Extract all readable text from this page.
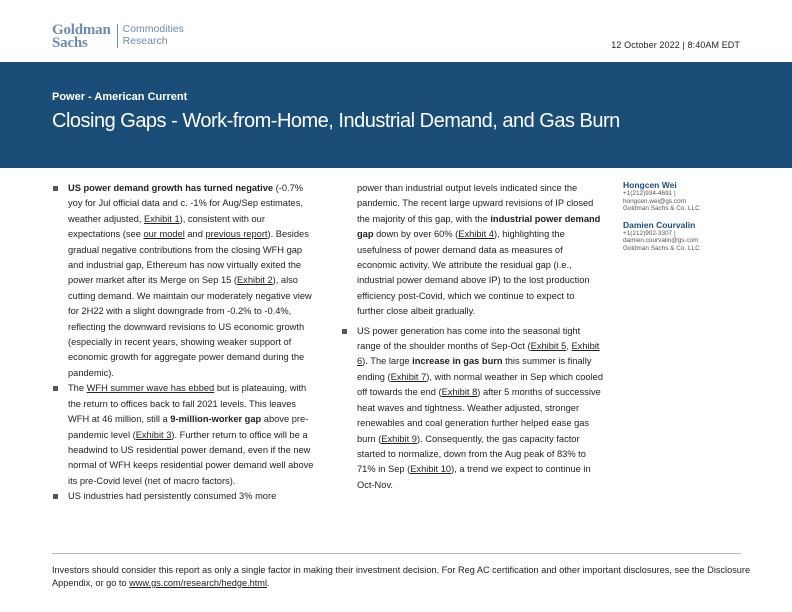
Goldman
Sachs
Commodities
Research	12 October 2022 | 8:40AM EDT
Power - American Current
Closing Gaps - Work-from-Home, Industrial Demand, and Gas Burn

US power demand growth has turned negative (-0.7% yoy for Jul official data and c. -1% for Aug/Sep estimates, weather adjusted, Exhibit 1), consistent with our expectations (see our model and previous report). Besides gradual negative contributions from the closing WFH gap and industrial gap, Ethereum has now virtually exited the power market after its Merge on Sep 15 (Exhibit 2), also cutting demand. We maintain our moderately negative view for 2H22 with a slight downgrade from -0.2% to -0.4%, reflecting the downward revisions to US economic growth (especially in recent years, showing weaker support of economic growth for aggregate power demand during the pandemic).

The WFH summer wave has ebbed but is plateauing, with the return to offices back to fall 2021 levels. This leaves WFH at 46 million, still a 9-million-worker gap above pre-pandemic level (Exhibit 3). Further return to office will be a headwind to US residential power demand, even if the new normal of WFH keeps residential power demand well above its pre-Covid level (net of macro factors).

US industries had persistently consumed 3% more

power than industrial output levels indicated since the pandemic. The recent large upward revisions of IP closed the majority of this gap, with the industrial power demand gap down by over 60% (Exhibit 4), highlighting the usefulness of power demand data as measures of economic activity. We attribute the residual gap (i.e., industrial power demand above IP) to the lost production efficiency post-Covid, which we continue to expect to further close albeit gradually.

US power generation has come into the seasonal tight range of the shoulder months of Sep-Oct (Exhibit 5, Exhibit 6). The large increase in gas burn this summer is finally ending (Exhibit 7), with normal weather in Sep which cooled off towards the end (Exhibit 8) after 5 months of successive heat waves and tightness. Weather adjusted, stronger renewables and coal generation further helped ease gas burn (Exhibit 9). Consequently, the gas capacity factor started to normalize, down from the Aug peak of 83% to 71% in Sep (Exhibit 10), a trend we expect to continue in Oct-Nov.

Hongcen Wei
+1(212)934-4691 |
hongcen.wei@gs.com
Goldman Sachs & Co. LLC
Damien Courvalin
+1(212)902-3307 |
damien.courvalin@gs.com
Goldman Sachs & Co. LLC
Investors should consider this report as only a single factor in making their investment decision. For Reg AC certification and other important disclosures, see the Disclosure Appendix, or go to www.gs.com/research/hedge.html.
